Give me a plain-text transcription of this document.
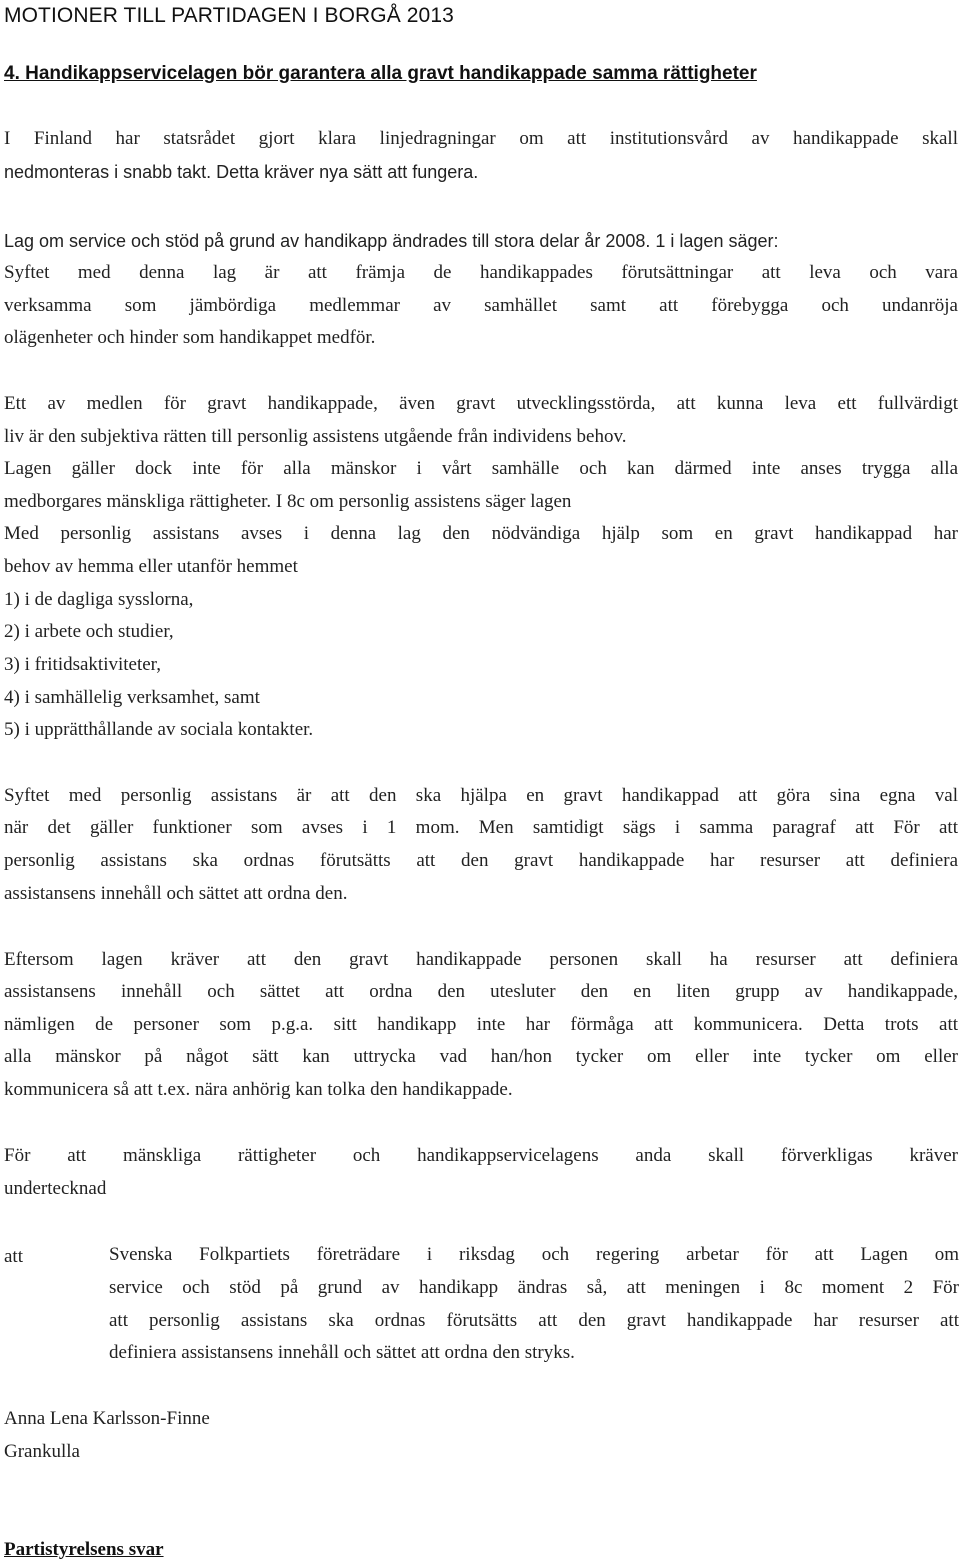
MOTIONER TILL PARTIDAGEN I BORGÅ 2013
4. Handikappservicelagen bör garantera alla gravt handikappade samma rättigheter
I Finland har statsrådet gjort klara linjedragningar om att institutionsvård av handikappade skall
nedmonteras i snabb takt. Detta kräver nya sätt att fungera.
Lag om service och stöd på grund av handikapp ändrades till stora delar år 2008. 1 i lagen säger:
Syftet med denna lag är att främja de handikappades förutsättningar att leva och vara
verksamma som jämbördiga medlemmar av samhället samt att förebygga och undanröja
olägenheter och hinder som handikappet medför.
Ett av medlen för gravt handikappade, även gravt utvecklingsstörda, att kunna leva ett fullvärdigt
liv är den subjektiva rätten till personlig assistens utgående från individens behov.
Lagen gäller dock inte för alla mänskor i vårt samhälle och kan därmed inte anses trygga alla
medborgares mänskliga rättigheter. I 8c om personlig assistens säger lagen
Med personlig assistans avses i denna lag den nödvändiga hjälp som en gravt handikappad har
behov av hemma eller utanför hemmet
1) i de dagliga sysslorna,
2) i arbete och studier,
3) i fritidsaktiviteter,
4) i samhällelig verksamhet, samt
5) i upprätthållande av sociala kontakter.
Syftet med personlig assistans är att den ska hjälpa en gravt handikappad att göra sina egna val
när det gäller funktioner som avses i 1 mom. Men samtidigt sägs i samma paragraf att För att
personlig assistans ska ordnas förutsätts att den gravt handikappade har resurser att definiera
assistansens innehåll och sättet att ordna den.
Eftersom lagen kräver att den gravt handikappade personen skall ha resurser att definiera
assistansens innehåll och sättet att ordna den utesluter den en liten grupp av handikappade,
nämligen de personer som p.g.a. sitt handikapp inte har förmåga att kommunicera. Detta trots att
alla mänskor på något sätt kan uttrycka vad han/hon tycker om eller inte tycker om eller
kommunicera så att t.ex. nära anhörig kan tolka den handikappade.
För att mänskliga rättigheter och handikappservicelagens anda skall förverkligas kräver
undertecknad
att	Svenska Folkpartiets företrädare i riksdag och regering arbetar för att Lagen om
service och stöd på grund av handikapp ändras så, att meningen i 8c moment 2 För
att personlig assistans ska ordnas förutsätts att den gravt handikappade har resurser att
definiera assistansens innehåll och sättet att ordna den stryks.
Anna Lena Karlsson-Finne
Grankulla
Partistyrelsens svar
